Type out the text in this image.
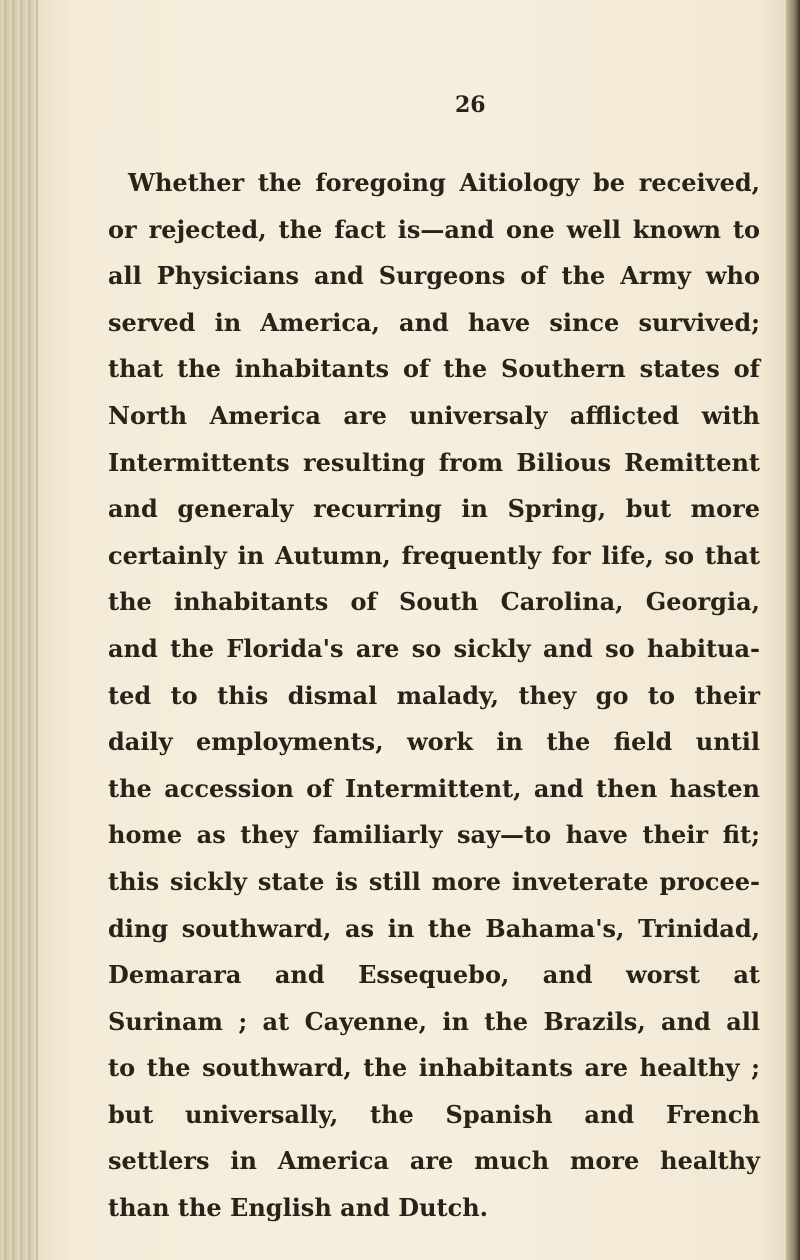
26
Whether the foregoing Aitiology be received,
or rejected, the fact is—and one well known to
all Physicians and Surgeons of the Army who
served in America, and have since survived;
that the inhabitants of the Southern states of
North America are universaly afflicted with
Intermittents resulting from Bilious Remittent
and generaly recurring in Spring, but more
certainly in Autumn, frequently for life, so that
the inhabitants of South Carolina, Georgia,
and the Florida's are so sickly and so habitua-
ted to this dismal malady, they go to their
daily employments, work in the field until
the accession of Intermittent, and then hasten
home as they familiarly say—to have their fit;
this sickly state is still more inveterate procee-
ding southward, as in the Bahama's, Trinidad,
Demarara and Essequebo, and worst at
Surinam ; at Cayenne, in the Brazils, and all
to the southward, the inhabitants are healthy ;
but universally, the Spanish and French
settlers in America are much more healthy
than the English and Dutch.
